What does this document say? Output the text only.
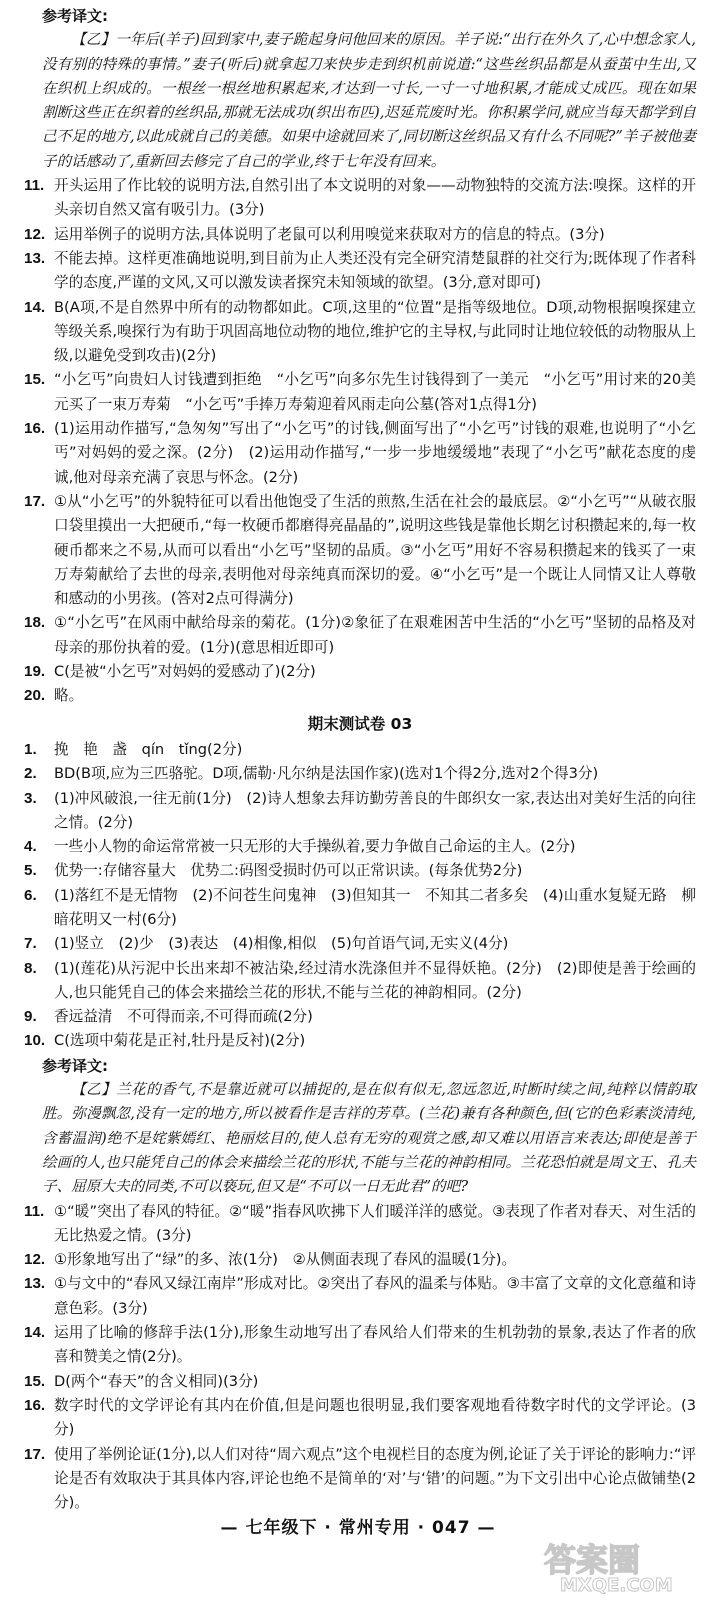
参考译文:
【乙】一年后(羊子)回到家中,妻子跪起身问他回来的原因。羊子说:“出行在外久了,心中想念家人,没有别的特殊的事情。”妻子(听后)就拿起刀来快步走到织机前说道:“这些丝织品都是从蚕茧中生出,又在织机上织成的。一根丝一根丝地积累起来,才达到一寸长,一寸一寸地积累,才能成丈成匹。现在如果割断这些正在织着的丝织品,那就无法成功(织出布匹),迟延荒废时光。你积累学问,就应当每天都学到自己不足的地方,以此成就自己的美德。如果中途就回来了,同切断这丝织品又有什么不同呢?”羊子被他妻子的话感动了,重新回去修完了自己的学业,终于七年没有回来。
11. 开头运用了作比较的说明方法,自然引出了本文说明的对象——动物独特的交流方法:嗅探。这样的开头亲切自然又富有吸引力。(3分)
12. 运用举例子的说明方法,具体说明了老鼠可以利用嗅觉来获取对方的信息的特点。(3分)
13. 不能去掉。这样更准确地说明,到目前为止人类还没有完全研究清楚鼠群的社交行为;既体现了作者科学的态度,严谨的文风,又可以激发读者探究未知领域的欲望。(3分,意对即可)
14. B(A项,不是自然界中所有的动物都如此。C项,这里的“位置”是指等级地位。D项,动物根据嗅探建立等级关系,嗅探行为有助于巩固高地位动物的地位,维护它的主导权,与此同时让地位较低的动物服从上级,以避免受到攻击)(2分)
15. “小乞丐”向贵妇人讨钱遭到拒绝　“小乞丐”向多尔先生讨钱得到了一美元　“小乞丐”用讨来的20美元买了一束万寿菊　“小乞丐”手捧万寿菊迎着风雨走向公墓(答对1点得1分)
16. (1)运用动作描写,“急匆匆”写出了“小乞丐”的讨钱,侧面写出了“小乞丐”讨钱的艰难,也说明了“小乞丐”对妈妈的爱之深。(2分)　(2)运用动作描写,“一步一步地缓缓地”表现了“小乞丐”献花态度的虔诚,他对母亲充满了哀思与怀念。(2分)
17. ①从“小乞丐”的外貌特征可以看出他饱受了生活的煎熬,生活在社会的最底层。②“小乞丐”“从破衣服口袋里摸出一大把硬币,“每一枚硬币都磨得亮晶晶的”,说明这些钱是靠他长期乞讨积攒起来的,每一枚硬币都来之不易,从而可以看出“小乞丐”坚韧的品质。③“小乞丐”用好不容易积攒起来的钱买了一束万寿菊献给了去世的母亲,表明他对母亲纯真而深切的爱。④“小乞丐”是一个既让人同情又让人尊敬和感动的小男孩。(答对2点可得满分)
18. ①“小乞丐”在风雨中献给母亲的菊花。(1分)②象征了在艰难困苦中生活的“小乞丐”坚韧的品格及对母亲的那份执着的爱。(1分)(意思相近即可)
19. C(是被“小乞丐”对妈妈的爱感动了)(2分)
20. 略。
期末测试卷 03
1.	挽　艳　盏　qín　tǐng(2分)
2.	BD(B项,应为三匹骆驼。D项,儒勒·凡尔纳是法国作家)(选对1个得2分,选对2个得3分)
3.	(1)冲风破浪,一往无前(1分)　(2)诗人想象去拜访勤劳善良的牛郎织女一家,表达出对美好生活的向往之情。(2分)
4.	一些小人物的命运常常被一只无形的大手操纵着,要力争做自己命运的主人。(2分)
5.	优势一:存储容量大　优势二:码图受损时仍可以正常识读。(每条优势2分)
6.	(1)落红不是无情物　(2)不问苍生问鬼神　(3)但知其一　不知其二者多矣　(4)山重水复疑无路　柳暗花明又一村(6分)
7.	(1)竖立　(2)少　(3)表达　(4)相像,相似　(5)句首语气词,无实义(4分)
8.	(1)(莲花)从污泥中长出来却不被沾染,经过清水洗涤但并不显得妖艳。(2分)　(2)即使是善于绘画的人,也只能凭自己的体会来描绘兰花的形状,不能与兰花的神韵相同。(2分)
9.	香远益清　不可得而亲,不可得而疏(2分)
10. C(选项中菊花是正衬,牡丹是反衬)(2分)
参考译文:
【乙】兰花的香气,不是靠近就可以捕捉的,是在似有似无,忽远忽近,时断时续之间,纯粹以情韵取胜。弥漫飘忽,没有一定的地方,所以被看作是吉祥的芳草。(兰花)兼有各种颜色,但(它的色彩素淡清纯,含蓄温润)绝不是姹紫嫣红、艳丽炫目的,使人总有无穷的观赏之感,却又难以用语言来表达;即使是善于绘画的人,也只能凭自己的体会来描绘兰花的形状,不能与兰花的神韵相同。兰花恐怕就是周文王、孔夫子、屈原大夫的同类,不可以亵玩,但又是“不可以一日无此君”的吧?
11. ①“暖”突出了春风的特征。②“暖”指春风吹拂下人们暖洋洋的感觉。③表现了作者对春天、对生活的无比热爱之情。(3分)
12. ①形象地写出了“绿”的多、浓(1分)　②从侧面表现了春风的温暖(1分)。
13. ①与文中的“春风又绿江南岸”形成对比。②突出了春风的温柔与体贴。③丰富了文章的文化意蕴和诗意色彩。(3分)
14. 运用了比喻的修辞手法(1分),形象生动地写出了春风给人们带来的生机勃勃的景象,表达了作者的欣喜和赞美之情(2分)。
15. D(两个“春天”的含义相同)(3分)
16. 数字时代的文学评论有其内在价值,但是问题也很明显,我们要客观地看待数字时代的文学评论。(3分)
17. 使用了举例论证(1分),以人们对待“周六观点”这个电视栏目的态度为例,论证了关于评论的影响力:“评论是否有效取决于其具体内容,评论也绝不是简单的‘对’与‘错’的问题。”为下文引出中心论点做铺垫(2分)。
— 七年级下 · 常州专用 · 047 —
答案圈
MXQE.COM
